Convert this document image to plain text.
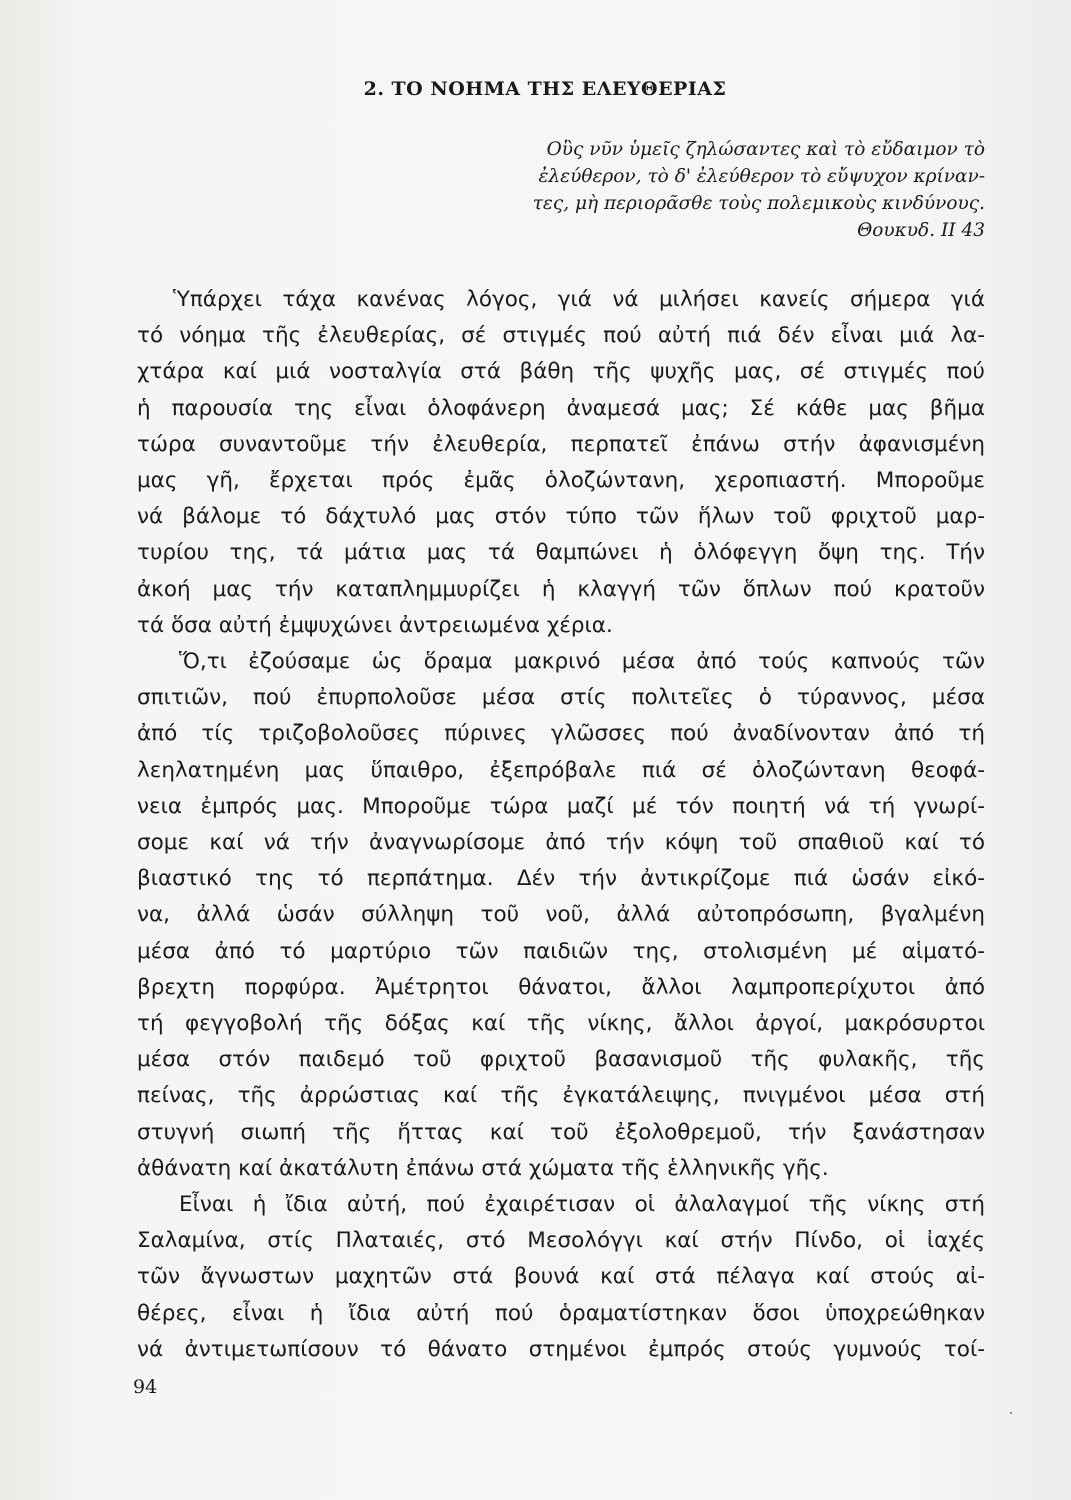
2. ΤΟ ΝΟΗΜΑ ΤΗΣ ΕΛΕΥΘΕΡΙΑΣ
Οὓς νῦν ὑμεῖς ζηλώσαντες καὶ τὸ εὔδαιμον τὸ
ἐλεύθερον, τὸ δ' ἐλεύθερον τὸ εὔψυχον κρίναν-
τες, μὴ περιορᾶσθε τοὺς πολεμικοὺς κινδύνους.
Θουκυδ. ΙΙ 43
Ὑπάρχει τάχα κανένας λόγος, γιά νά μιλήσει κανείς σήμερα γιά
τό νόημα τῆς ἐλευθερίας, σέ στιγμές πού αὐτή πιά δέν εἶναι μιά λα-
χτάρα καί μιά νοσταλγία στά βάθη τῆς ψυχῆς μας, σέ στιγμές πού
ἡ παρουσία της εἶναι ὁλοφάνερη ἀναμεσά μας; Σέ κάθε μας βῆμα
τώρα συναντοῦμε τήν ἐλευθερία, περπατεῖ ἐπάνω στήν ἀφανισμένη
μας γῆ, ἔρχεται πρός ἐμᾶς ὁλοζώντανη, χεροπιαστή. Μποροῦμε
νά βάλομε τό δάχτυλό μας στόν τύπο τῶν ἥλων τοῦ φριχτοῦ μαρ-
τυρίου της, τά μάτια μας τά θαμπώνει ἡ ὁλόφεγγη ὄψη της. Τήν
ἀκοή μας τήν καταπλημμυρίζει ἡ κλαγγή τῶν ὅπλων πού κρατοῦν
τά ὅσα αὐτή ἐμψυχώνει ἀντρειωμένα χέρια.
Ὅ,τι ἐζούσαμε ὡς ὅραμα μακρινό μέσα ἀπό τούς καπνούς τῶν
σπιτιῶν, πού ἐπυρπολοῦσε μέσα στίς πολιτεῖες ὁ τύραννος, μέσα
ἀπό τίς τριζοβολοῦσες πύρινες γλῶσσες πού ἀναδίνονταν ἀπό τή
λεηλατημένη μας ὕπαιθρο, ἐξεπρόβαλε πιά σέ ὁλοζώντανη θεοφά-
νεια ἐμπρός μας. Μποροῦμε τώρα μαζί μέ τόν ποιητή νά τή γνωρί-
σομε καί νά τήν ἀναγνωρίσομε ἀπό τήν κόψη τοῦ σπαθιοῦ καί τό
βιαστικό της τό περπάτημα. Δέν τήν ἀντικρίζομε πιά ὡσάν εἰκό-
να, ἀλλά ὡσάν σύλληψη τοῦ νοῦ, ἀλλά αὐτοπρόσωπη, βγαλμένη
μέσα ἀπό τό μαρτύριο τῶν παιδιῶν της, στολισμένη μέ αἱματό-
βρεχτη πορφύρα. Ἀμέτρητοι θάνατοι, ἄλλοι λαμπροπερίχυτοι ἀπό
τή φεγγοβολή τῆς δόξας καί τῆς νίκης, ἄλλοι ἀργοί, μακρόσυρτοι
μέσα στόν παιδεμό τοῦ φριχτοῦ βασανισμοῦ τῆς φυλακῆς, τῆς
πείνας, τῆς ἀρρώστιας καί τῆς ἐγκατάλειψης, πνιγμένοι μέσα στή
στυγνή σιωπή τῆς ἥττας καί τοῦ ἐξολοθρεμοῦ, τήν ξανάστησαν
ἀθάνατη καί ἀκατάλυτη ἐπάνω στά χώματα τῆς ἑλληνικῆς γῆς.
Εἶναι ἡ ἴδια αὐτή, πού ἐχαιρέτισαν οἱ ἀλαλαγμοί τῆς νίκης στή
Σαλαμίνα, στίς Πλαταιές, στό Μεσολόγγι καί στήν Πίνδο, οἱ ἰαχές
τῶν ἄγνωστων μαχητῶν στά βουνά καί στά πέλαγα καί στούς αἰ-
θέρες, εἶναι ἡ ἴδια αὐτή πού ὁραματίστηκαν ὅσοι ὑποχρεώθηκαν
νά ἀντιμετωπίσουν τό θάνατο στημένοι ἐμπρός στούς γυμνούς τοί-
94
